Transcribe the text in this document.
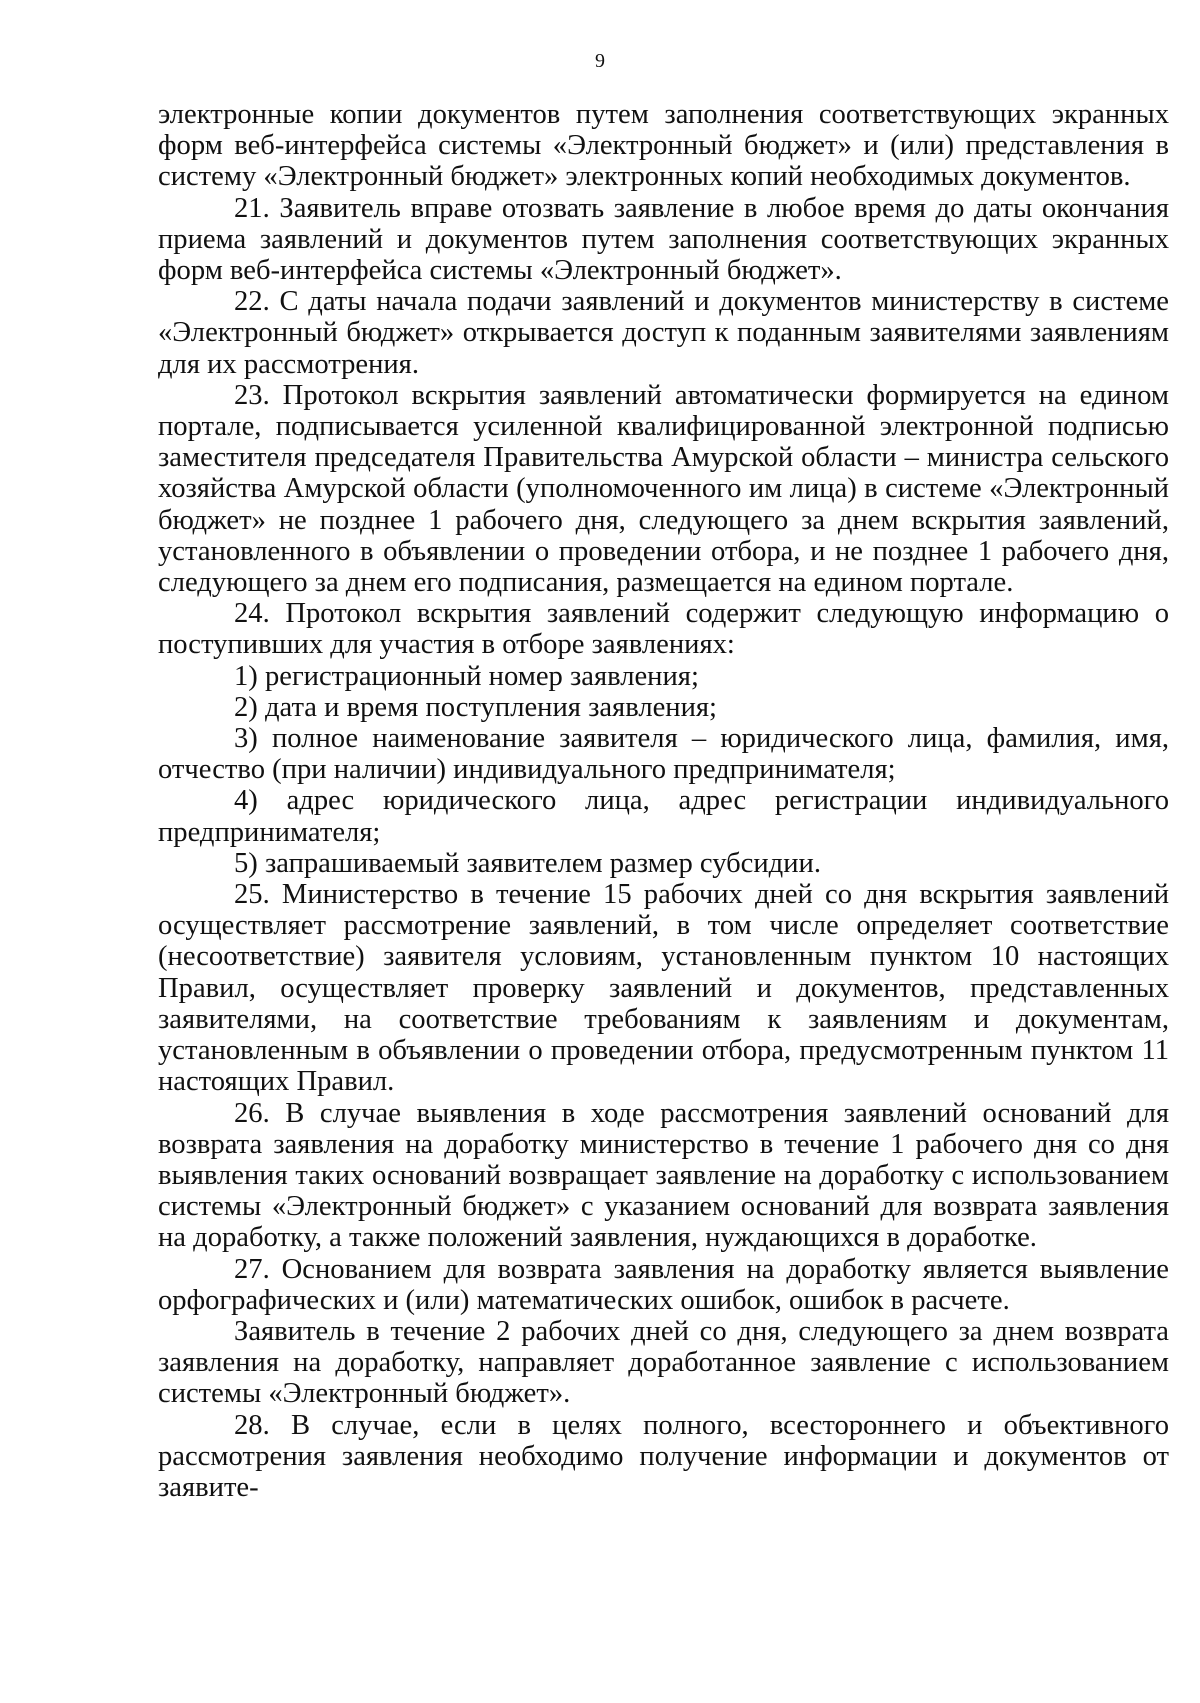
9

электронные копии документов путем заполнения соответствующих экранных форм веб-интерфейса системы «Электронный бюджет» и (или) представления в систему «Электронный бюджет» электронных копий необходимых документов.

21. Заявитель вправе отозвать заявление в любое время до даты окончания приема заявлений и документов путем заполнения соответствующих экранных форм веб-интерфейса системы «Электронный бюджет».

22. С даты начала подачи заявлений и документов министерству в системе «Электронный бюджет» открывается доступ к поданным заявителями заявлениям для их рассмотрения.

23. Протокол вскрытия заявлений автоматически формируется на едином портале, подписывается усиленной квалифицированной электронной подписью заместителя председателя Правительства Амурской области – министра сельского хозяйства Амурской области (уполномоченного им лица) в системе «Электронный бюджет» не позднее 1 рабочего дня, следующего за днем вскрытия заявлений, установленного в объявлении о проведении отбора, и не позднее 1 рабочего дня, следующего за днем его подписания, размещается на едином портале.

24. Протокол вскрытия заявлений содержит следующую информацию о поступивших для участия в отборе заявлениях:

1) регистрационный номер заявления;

2) дата и время поступления заявления;

3) полное наименование заявителя – юридического лица, фамилия, имя, отчество (при наличии) индивидуального предпринимателя;

4) адрес юридического лица, адрес регистрации индивидуального предпринимателя;

5) запрашиваемый заявителем размер субсидии.

25. Министерство в течение 15 рабочих дней со дня вскрытия заявлений осуществляет рассмотрение заявлений, в том числе определяет соответствие (несоответствие) заявителя условиям, установленным пунктом 10 настоящих Правил, осуществляет проверку заявлений и документов, представленных заявителями, на соответствие требованиям к заявлениям и документам, установленным в объявлении о проведении отбора, предусмотренным пунктом 11 настоящих Правил.

26. В случае выявления в ходе рассмотрения заявлений оснований для возврата заявления на доработку министерство в течение 1 рабочего дня со дня выявления таких оснований возвращает заявление на доработку с использованием системы «Электронный бюджет» с указанием оснований для возврата заявления на доработку, а также положений заявления, нуждающихся в доработке.

27. Основанием для возврата заявления на доработку является выявление орфографических и (или) математических ошибок, ошибок в расчете.

Заявитель в течение 2 рабочих дней со дня, следующего за днем возврата заявления на доработку, направляет доработанное заявление с использованием системы «Электронный бюджет».

28. В случае, если в целях полного, всестороннего и объективного рассмотрения заявления необходимо получение информации и документов от заявите-
